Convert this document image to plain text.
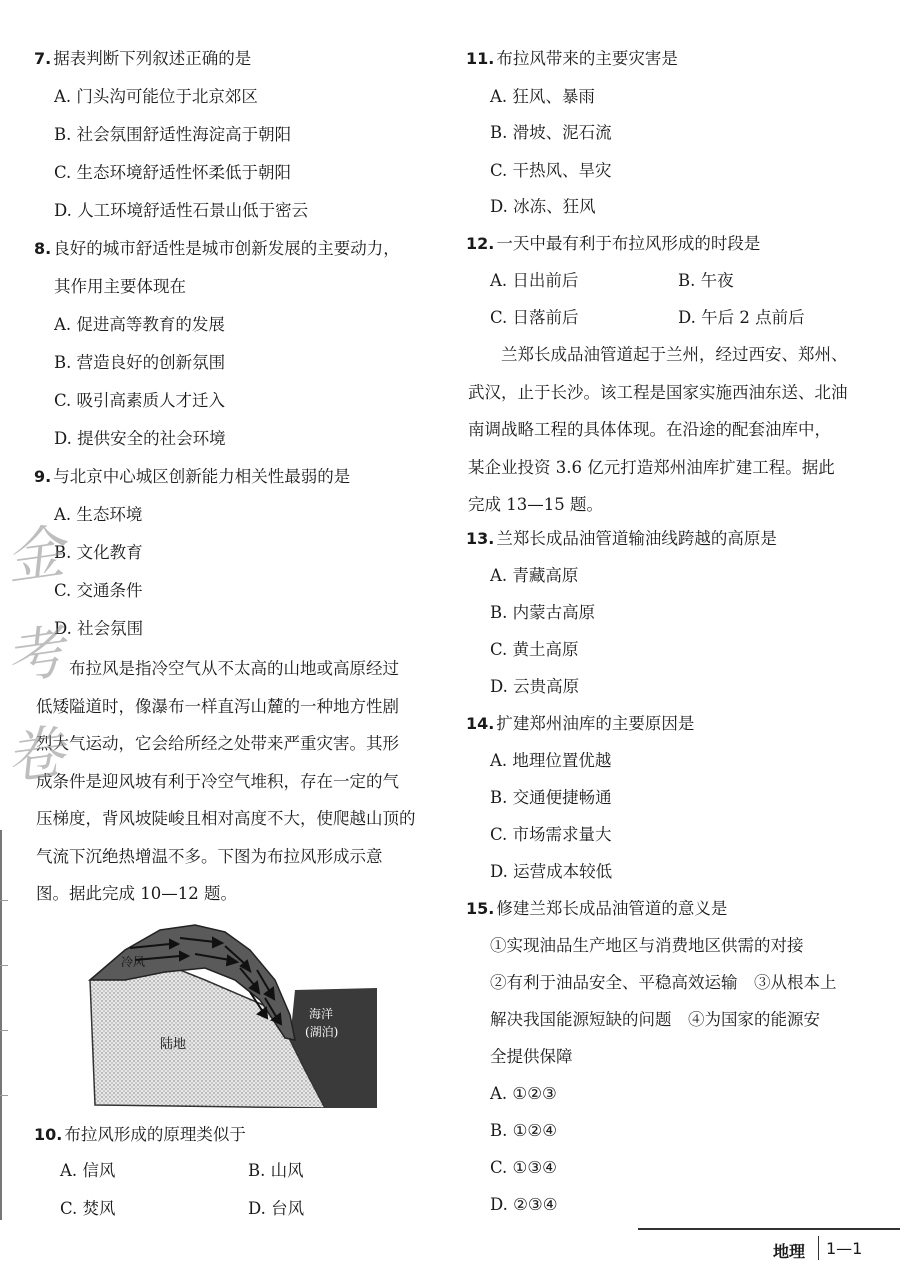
7. 据表判断下列叙述正确的是
A. 门头沟可能位于北京郊区
B. 社会氛围舒适性海淀高于朝阳
C. 生态环境舒适性怀柔低于朝阳
D. 人工环境舒适性石景山低于密云
8. 良好的城市舒适性是城市创新发展的主要动力，
其作用主要体现在
A. 促进高等教育的发展
B. 营造良好的创新氛围
C. 吸引高素质人才迁入
D. 提供安全的社会环境
9. 与北京中心城区创新能力相关性最弱的是
A. 生态环境
B. 文化教育
C. 交通条件
D. 社会氛围
　　布拉风是指冷空气从不太高的山地或高原经过
低矮隘道时，像瀑布一样直泻山麓的一种地方性剧
烈大气运动，它会给所经之处带来严重灾害。其形
成条件是迎风坡有利于冷空气堆积，存在一定的气
压梯度，背风坡陡峻且相对高度不大，使爬越山顶的
气流下沉绝热增温不多。下图为布拉风形成示意
图。据此完成 10—12 题。
冷风
陆地
海洋
(湖泊)
10. 布拉风形成的原理类似于
A. 信风	B. 山风
C. 焚风	D. 台风
金
考
卷
11. 布拉风带来的主要灾害是
A. 狂风、暴雨
B. 滑坡、泥石流
C. 干热风、旱灾
D. 冰冻、狂风
12. 一天中最有利于布拉风形成的时段是
A. 日出前后	B. 午夜
C. 日落前后	D. 午后 2 点前后
　　兰郑长成品油管道起于兰州，经过西安、郑州、
武汉，止于长沙。该工程是国家实施西油东送、北油
南调战略工程的具体体现。在沿途的配套油库中，
某企业投资 3.6 亿元打造郑州油库扩建工程。据此
完成 13—15 题。
13. 兰郑长成品油管道输油线跨越的高原是
A. 青藏高原
B. 内蒙古高原
C. 黄土高原
D. 云贵高原
14. 扩建郑州油库的主要原因是
A. 地理位置优越
B. 交通便捷畅通
C. 市场需求量大
D. 运营成本较低
15. 修建兰郑长成品油管道的意义是
①实现油品生产地区与消费地区供需的对接
②有利于油品安全、平稳高效运输　③从根本上
解决我国能源短缺的问题　④为国家的能源安
全提供保障
A. ①②③
B. ①②④
C. ①③④
D. ②③④
地理 1—1
